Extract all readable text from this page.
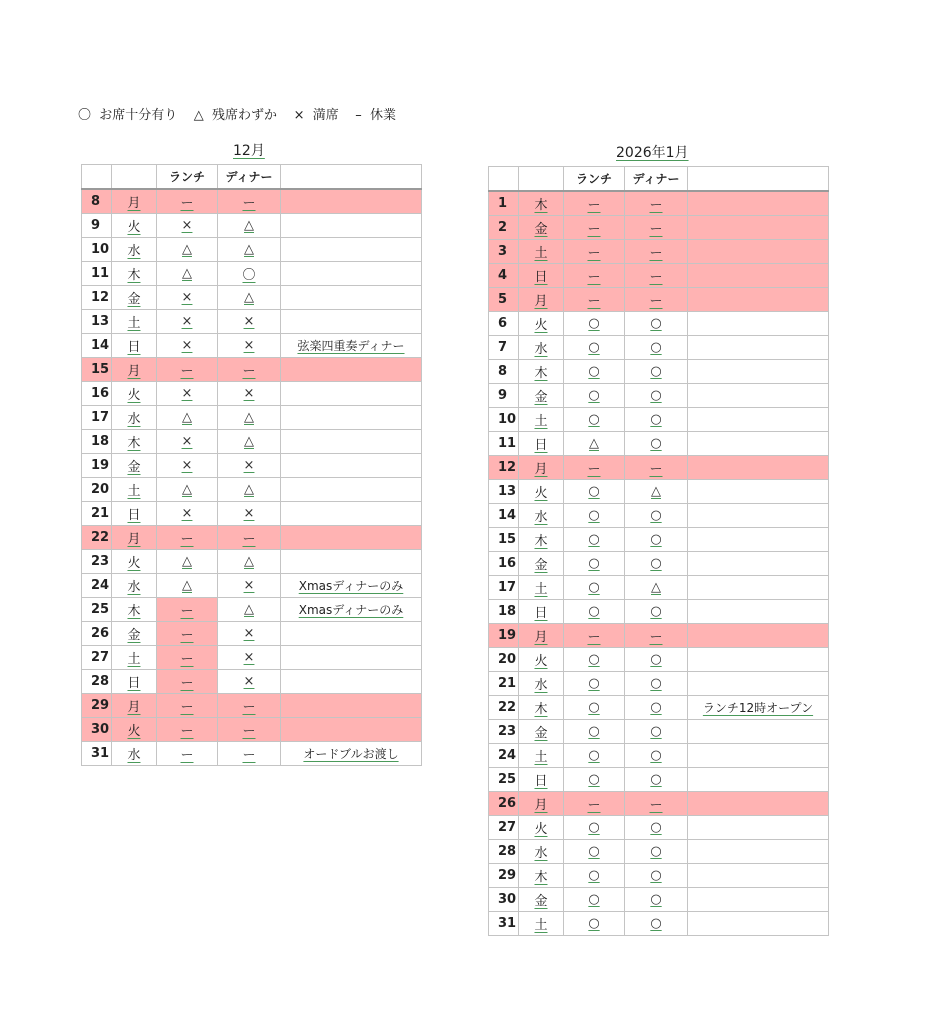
〇  お席十分有り    △  残席わずか    ×  満席    –  休業
12月
		ランチ	ディナー	
8	月	ー	ー	
9	火	×	△	
10	水	△	△	
11	木	△	〇	
12	金	×	△	
13	土	×	×	
14	日	×	×	弦楽四重奏ディナー
15	月	ー	ー	
16	火	×	×	
17	水	△	△	
18	木	×	△	
19	金	×	×	
20	土	△	△	
21	日	×	×	
22	月	ー	ー	
23	火	△	△	
24	水	△	×	Xmasディナーのみ
25	木	ー	△	Xmasディナーのみ
26	金	ー	×	
27	土	ー	×	
28	日	ー	×	
29	月	ー	ー	
30	火	ー	ー	
31	水	ー	ー	オードブルお渡し
2026年1月
		ランチ	ディナー	
1	木	ー	ー	
2	金	ー	ー	
3	土	ー	ー	
4	日	ー	ー	
5	月	ー	ー	
6	火	○	○	
7	水	○	○	
8	木	○	○	
9	金	○	○	
10	土	○	○	
11	日	△	○	
12	月	ー	ー	
13	火	○	△	
14	水	○	○	
15	木	○	○	
16	金	○	○	
17	土	○	△	
18	日	○	○	
19	月	ー	ー	
20	火	○	○	
21	水	○	○	
22	木	○	○	ランチ12時オープン
23	金	○	○	
24	土	○	○	
25	日	○	○	
26	月	ー	ー	
27	火	○	○	
28	水	○	○	
29	木	○	○	
30	金	○	○	
31	土	○	○	
